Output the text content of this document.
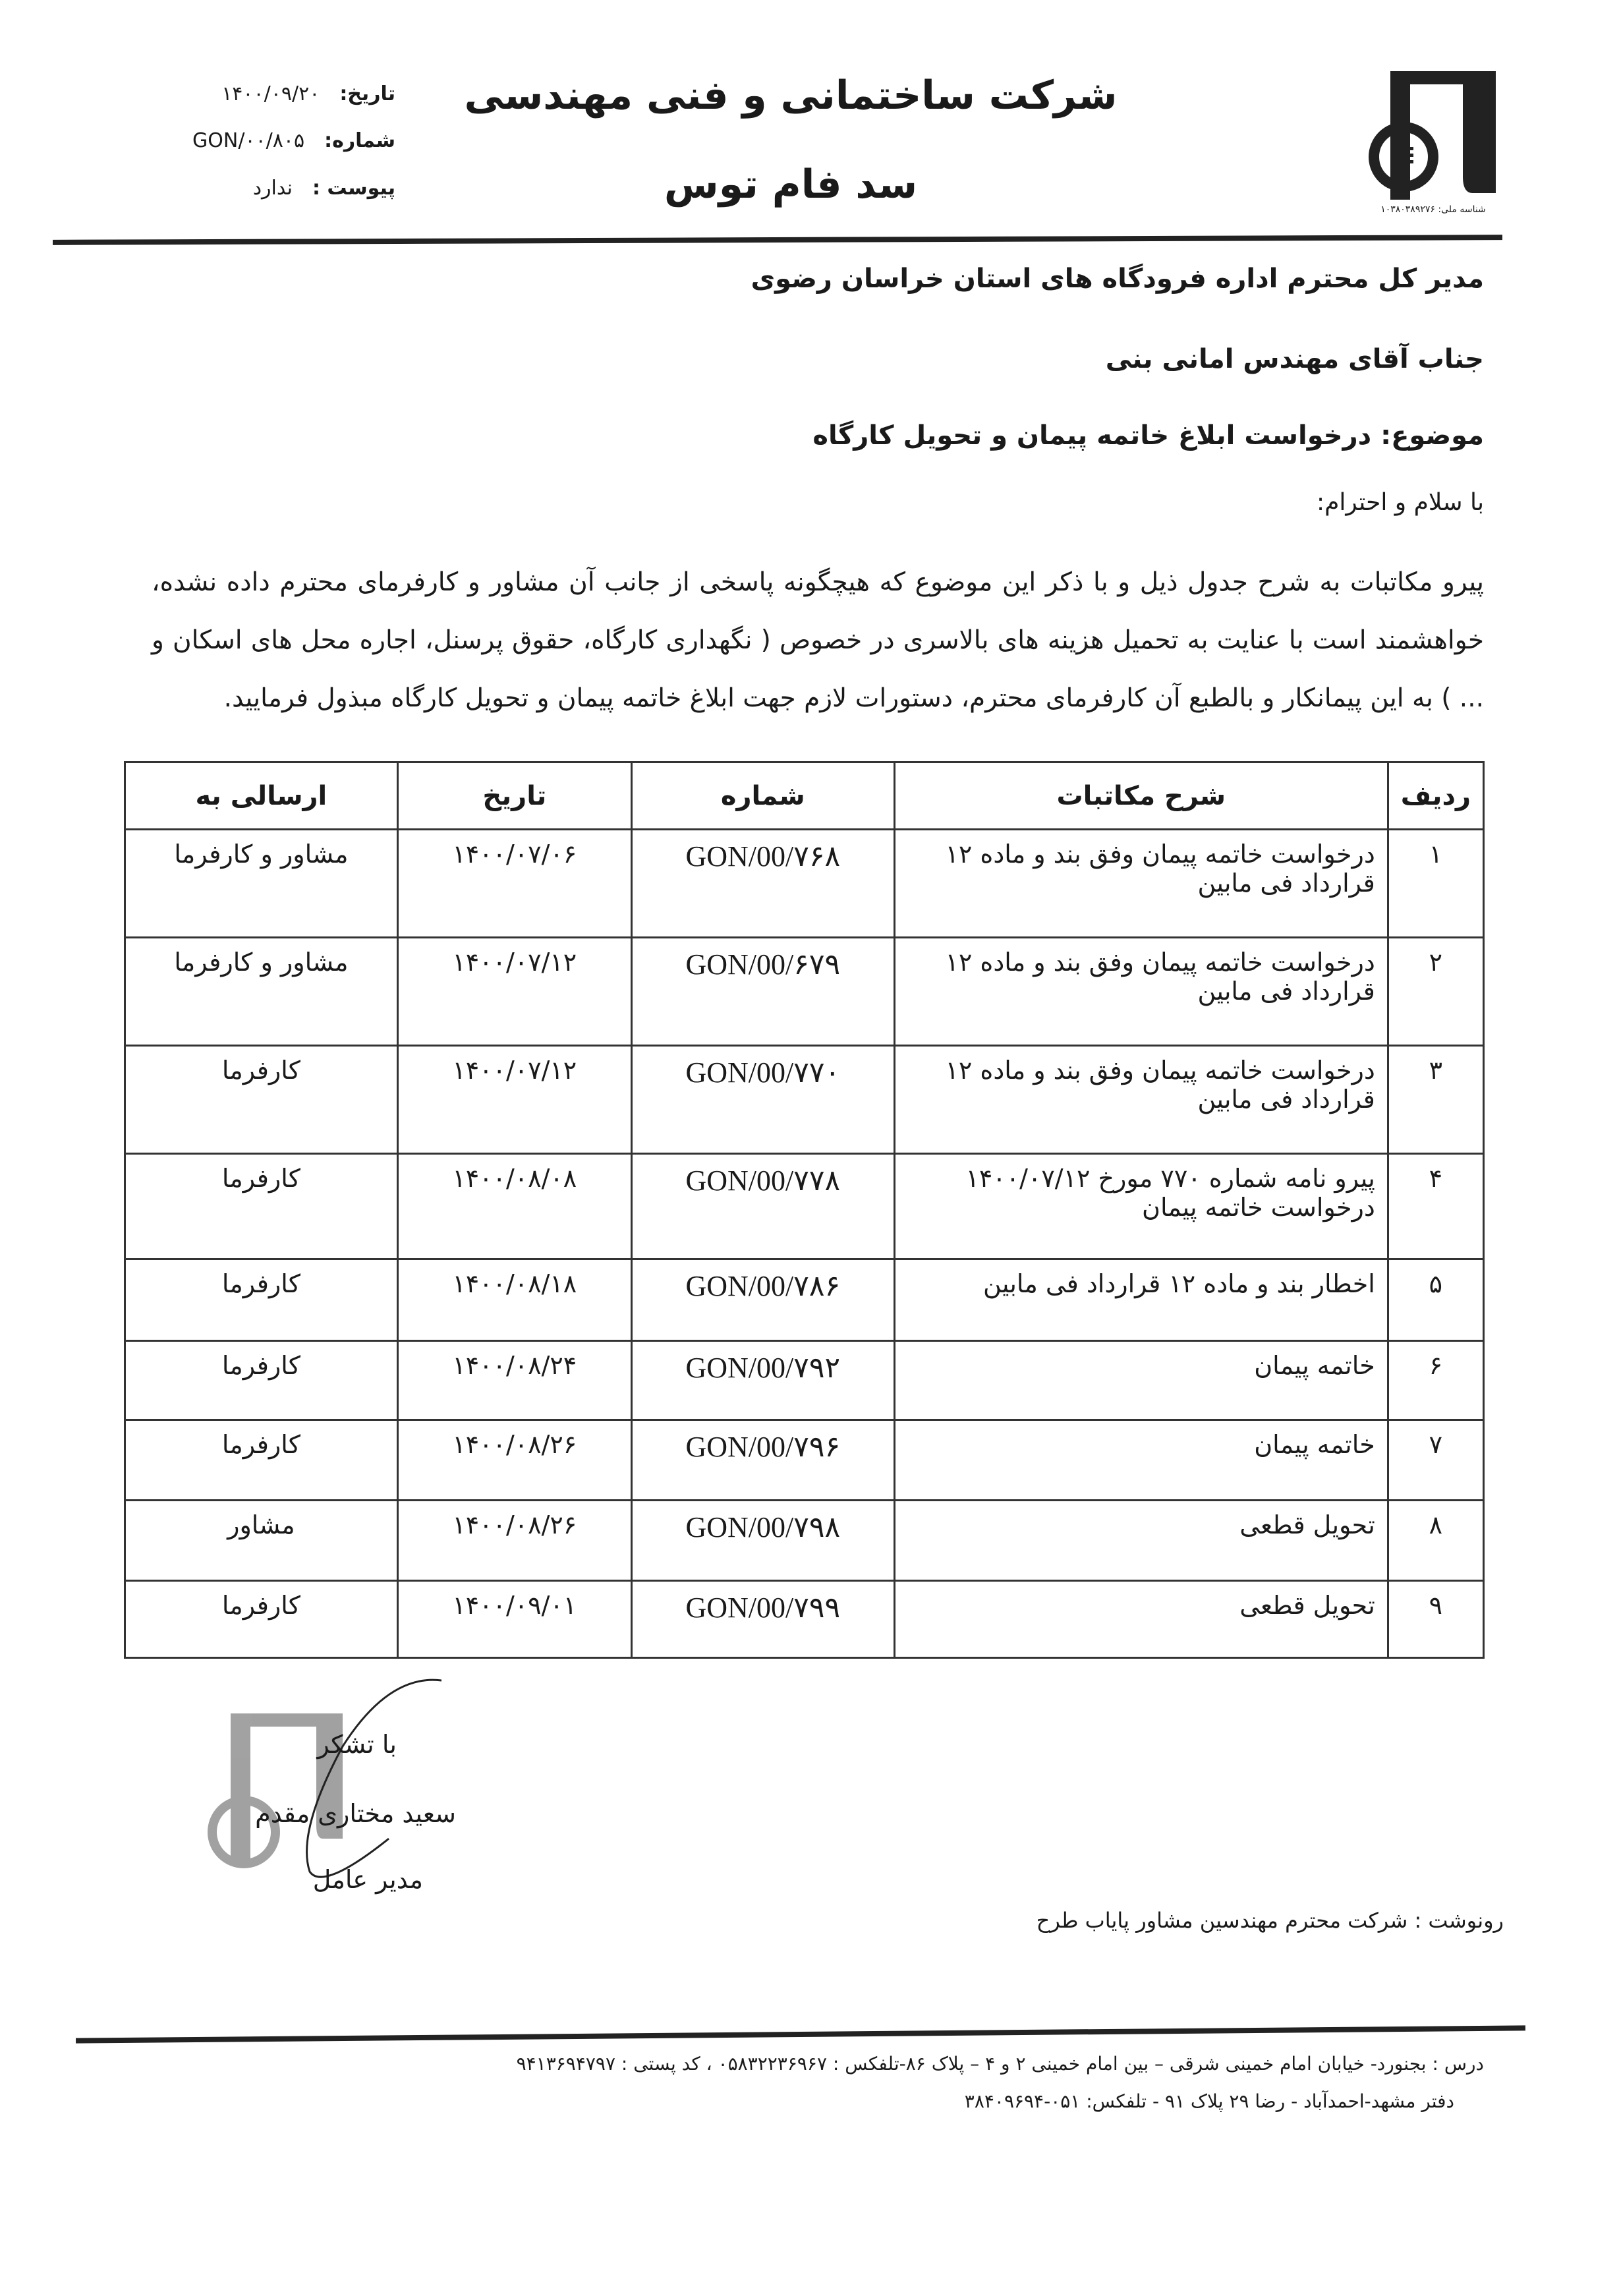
شناسه ملی: ۱۰۳۸۰۳۸۹۲۷۶
شرکت ساختمانی و فنی مهندسی
سد فام توس
تاریخ:۱۴۰۰/۰۹/۲۰
شماره:GON/۰۰/۸۰۵
پیوست :ندارد
مدیر کل محترم اداره فرودگاه های استان خراسان رضوی
جناب آقای مهندس امانی بنی
موضوع: درخواست ابلاغ خاتمه پیمان و تحویل کارگاه
با سلام و احترام:
پیرو مکاتبات به شرح جدول ذیل و با ذکر این موضوع که هیچگونه پاسخی از جانب آن مشاور و کارفرمای محترم داده نشده، خواهشمند است با عنایت به تحمیل هزینه های بالاسری در خصوص ( نگهداری کارگاه، حقوق پرسنل، اجاره محل های اسکان و ... ) به این پیمانکار و بالطبع آن کارفرمای محترم، دستورات لازم جهت ابلاغ خاتمه پیمان و تحویل کارگاه مبذول فرمایید.
ردیف	شرح مکاتبات	شماره	تاریخ	ارسالی به
۱	درخواست خاتمه پیمان وفق بند و ماده ۱۲ قرارداد فی مابین	GON/00/۷۶۸	۱۴۰۰/۰۷/۰۶	مشاور و کارفرما
۲	درخواست خاتمه پیمان وفق بند و ماده ۱۲ قرارداد فی مابین	GON/00/۶۷۹	۱۴۰۰/۰۷/۱۲	مشاور و کارفرما
۳	درخواست خاتمه پیمان وفق بند و ماده ۱۲ قرارداد فی مابین	GON/00/۷۷۰	۱۴۰۰/۰۷/۱۲	کارفرما
۴	پیرو نامه شماره ۷۷۰ مورخ ۱۴۰۰/۰۷/۱۲ درخواست خاتمه پیمان	GON/00/۷۷۸	۱۴۰۰/۰۸/۰۸	کارفرما
۵	اخطار بند و ماده ۱۲ قرارداد فی مابین	GON/00/۷۸۶	۱۴۰۰/۰۸/۱۸	کارفرما
۶	خاتمه پیمان	GON/00/۷۹۲	۱۴۰۰/۰۸/۲۴	کارفرما
۷	خاتمه پیمان	GON/00/۷۹۶	۱۴۰۰/۰۸/۲۶	کارفرما
۸	تحویل قطعی	GON/00/۷۹۸	۱۴۰۰/۰۸/۲۶	مشاور
۹	تحویل قطعی	GON/00/۷۹۹	۱۴۰۰/۰۹/۰۱	کارفرما
با تشکر
سعید مختاری مقدم
مدیر عامل
رونوشت : شرکت محترم مهندسین مشاور پایاب طرح
درس : بجنورد- خیابان امام خمینی شرقی – بین امام خمینی ۲ و ۴ – پلاک ۸۶-تلفکس : ۰۵۸۳۲۲۳۶۹۶۷ ، کد پستی : ۹۴۱۳۶۹۴۷۹۷
دفتر مشهد-احمدآباد - رضا ۲۹ پلاک ۹۱ - تلفکس: ۰۵۱-۳۸۴۰۹۶۹۴
